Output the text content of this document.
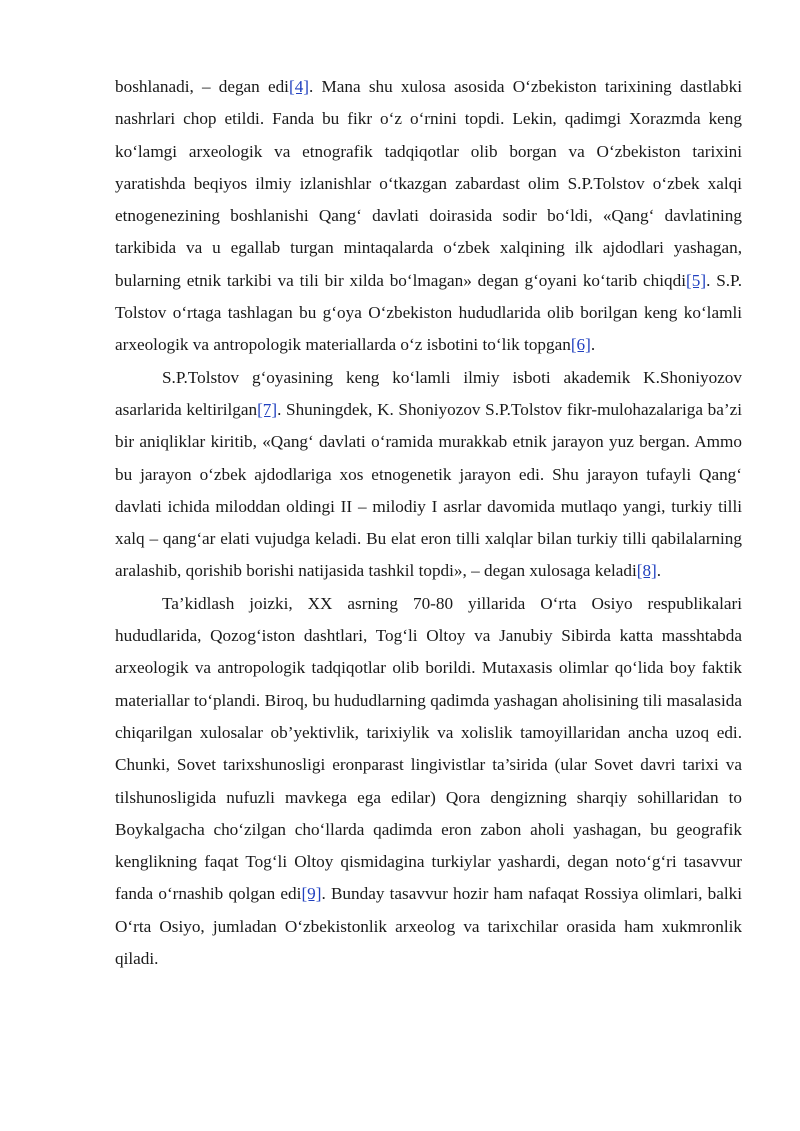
boshlanadi, – degan edi[4]. Mana shu xulosa asosida O‘zbekiston tarixining dastlabki nashrlari chop etildi. Fanda bu fikr o‘z o‘rnini topdi. Lekin, qadimgi Xorazmda keng ko‘lamgi arxeologik va etnografik tadqiqotlar olib borgan va O‘zbekiston tarixini yaratishda beqiyos ilmiy izlanishlar o‘tkazgan zabardast olim S.P.Tolstov o‘zbek xalqi etnogenezining boshlanishi Qang‘ davlati doirasida sodir bo‘ldi, «Qang‘ davlatining tarkibida va u egallab turgan mintaqalarda o‘zbek xalqining ilk ajdodlari yashagan, bularning etnik tarkibi va tili bir xilda bo‘lmagan» degan g‘oyani ko‘tarib chiqdi[5]. S.P. Tolstov o‘rtaga tashlagan bu g‘oya O‘zbekiston hududlarida olib borilgan keng ko‘lamli arxeologik va antropologik materiallarda o‘z isbotini to‘lik topgan[6].

S.P.Tolstov g‘oyasining keng ko‘lamli ilmiy isboti akademik K.Shoniyozov asarlarida keltirilgan[7]. Shuningdek, K. Shoniyozov S.P.Tolstov fikr-mulohazalariga ba’zi bir aniqliklar kiritib, «Qang‘ davlati o‘ramida murakkab etnik jarayon yuz bergan. Ammo bu jarayon o‘zbek ajdodlariga xos etnogenetik jarayon edi. Shu jarayon tufayli Qang‘ davlati ichida miloddan oldingi II – milodiy I asrlar davomida mutlaqo yangi, turkiy tilli xalq – qang‘ar elati vujudga keladi. Bu elat eron tilli xalqlar bilan turkiy tilli qabilalarning aralashib, qorishib borishi natijasida tashkil topdi», – degan xulosaga keladi[8].

Ta’kidlash joizki, XX asrning 70-80 yillarida O‘rta Osiyo respublikalari hududlarida, Qozog‘iston dashtlari, Tog‘li Oltoy va Janubiy Sibirda katta masshtabda arxeologik va antropologik tadqiqotlar olib borildi. Mutaxasis olimlar qo‘lida boy faktik materiallar to‘plandi. Biroq, bu hududlarning qadimda yashagan aholisining tili masalasida chiqarilgan xulosalar ob’yektivlik, tarixiylik va xolislik tamoyillaridan ancha uzoq edi. Chunki, Sovet tarixshunosligi eronparast lingivistlar ta’sirida (ular Sovet davri tarixi va tilshunosligida nufuzli mavkega ega edilar) Qora dengizning sharqiy sohillaridan to Boykalgacha cho‘zilgan cho‘llarda qadimda eron zabon aholi yashagan, bu geografik kenglikning faqat Tog‘li Oltoy qismidagina turkiylar yashardi, degan noto‘g‘ri tasavvur fanda o‘rnashib qolgan edi[9]. Bunday tasavvur hozir ham nafaqat Rossiya olimlari, balki O‘rta Osiyo, jumladan O‘zbekistonlik arxeolog va tarixchilar orasida ham xukmronlik qiladi.
